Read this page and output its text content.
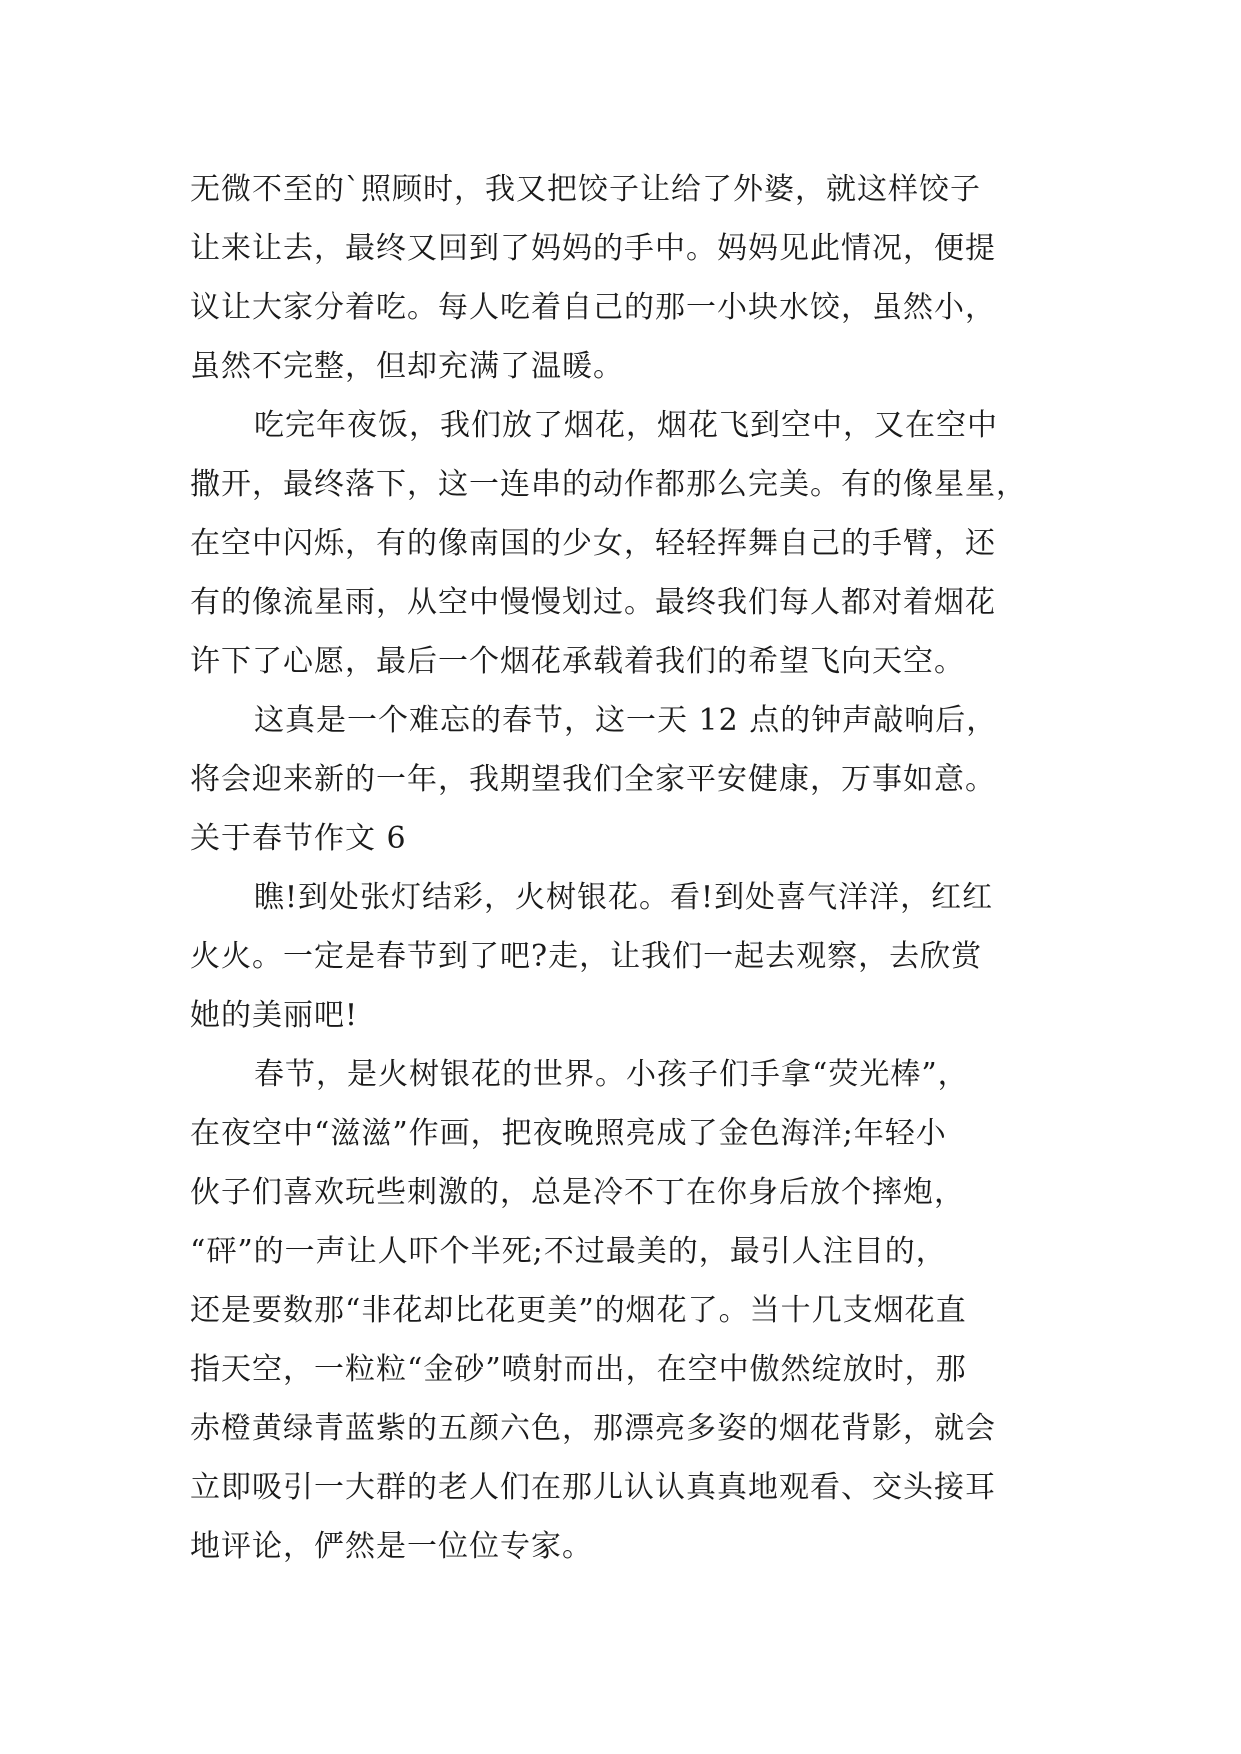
无微不至的`照顾时，我又把饺子让给了外婆，就这样饺子
让来让去，最终又回到了妈妈的手中。妈妈见此情况，便提
议让大家分着吃。每人吃着自己的那一小块水饺，虽然小，
虽然不完整，但却充满了温暖。
吃完年夜饭，我们放了烟花，烟花飞到空中，又在空中
撒开，最终落下，这一连串的动作都那么完美。有的像星星，
在空中闪烁，有的像南国的少女，轻轻挥舞自己的手臂，还
有的像流星雨，从空中慢慢划过。最终我们每人都对着烟花
许下了心愿，最后一个烟花承载着我们的希望飞向天空。
这真是一个难忘的春节，这一天 12 点的钟声敲响后，
将会迎来新的一年，我期望我们全家平安健康，万事如意。
关于春节作文 6
瞧!到处张灯结彩，火树银花。看!到处喜气洋洋，红红
火火。一定是春节到了吧?走，让我们一起去观察，去欣赏
她的美丽吧!
春节，是火树银花的世界。小孩子们手拿“荧光棒”，
在夜空中“滋滋”作画，把夜晚照亮成了金色海洋;年轻小
伙子们喜欢玩些刺激的，总是冷不丁在你身后放个摔炮，
“砰”的一声让人吓个半死;不过最美的，最引人注目的，
还是要数那“非花却比花更美”的烟花了。当十几支烟花直
指天空，一粒粒“金砂”喷射而出，在空中傲然绽放时，那
赤橙黄绿青蓝紫的五颜六色，那漂亮多姿的烟花背影，就会
立即吸引一大群的老人们在那儿认认真真地观看、交头接耳
地评论，俨然是一位位专家。
